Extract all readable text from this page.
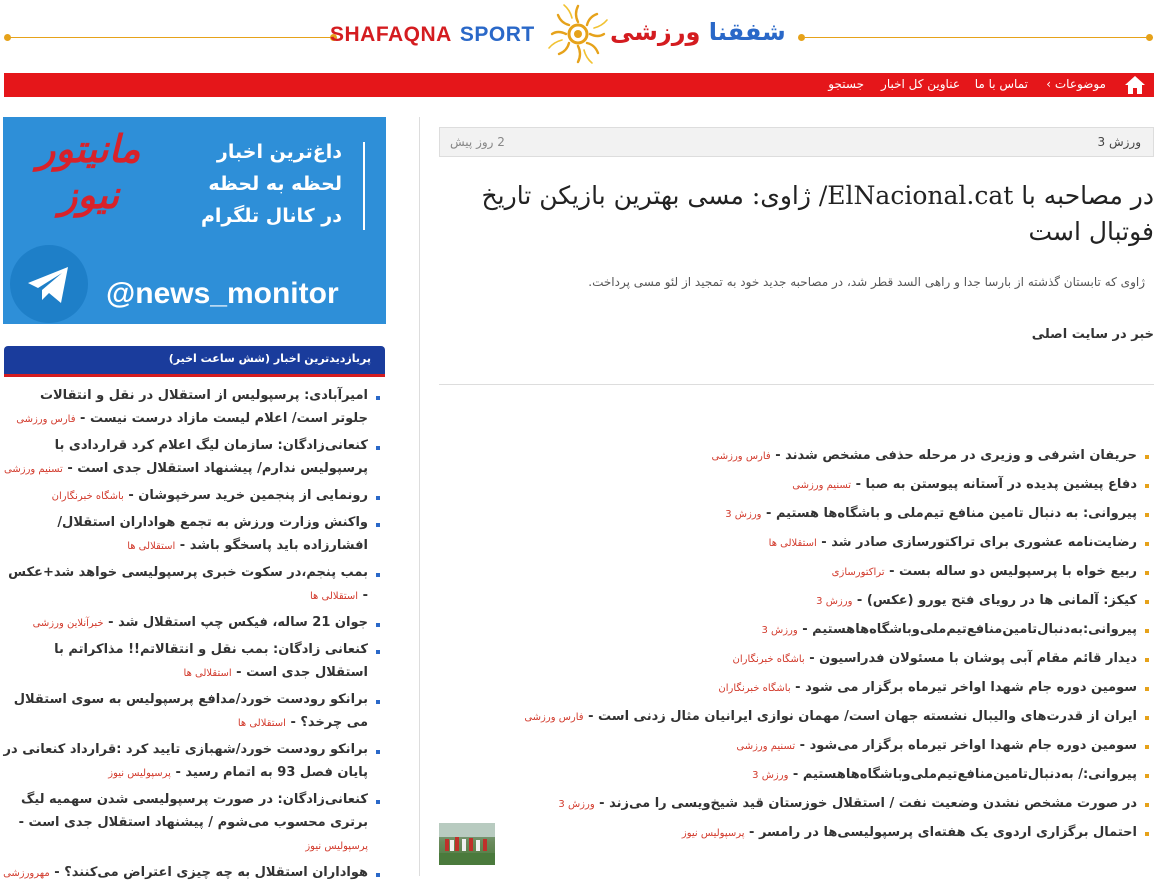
SHAFAQNA SPORT	شفقنا ورزشی
موضوعات ›
تماس با ما
عناوین کل اخبار
جستجو
داغ‌ترین اخبار
لحظه به لحظه
در کانال تلگرام
مانیتور
نیوز
@news_monitor
پربازدیدترین اخبار (شش ساعت اخیر)
امیرآبادی: پرسپولیس از استقلال در نقل و انتقالات جلوتر است/ اعلام لیست مازاد درست نیست - فارس ورزشی
کنعانی‌زادگان: سازمان لیگ اعلام کرد قراردادی با پرسپولیس ندارم/ پیشنهاد استقلال جدی است - تسنیم ورزشی
رونمایی از پنجمین خرید سرخپوشان - باشگاه خبرنگاران
واکنش وزارت ورزش به تجمع هواداران استقلال/ افشارزاده باید پاسخگو باشد - استقلالی ها
بمب پنجم،در سکوت خبری پرسپولیسی خواهد شد+عکس - استقلالی ها
جوان 21 ساله، فیکس چپ استقلال شد - خبرآنلاین ورزشی
کنعانی زادگان: بمب نقل و انتقالاتم!! مذاکراتم با استقلال جدی است - استقلالی ها
برانکو رودست خورد/مدافع پرسپولیس به سوی استقلال می چرخد؟ - استقلالی ها
برانکو رودست خورد/شهبازی تایید کرد :قرارداد کنعانی در پایان فصل 93 به اتمام رسید - پرسپولیس نیوز
کنعانی‌زادگان: در صورت پرسپولیسی شدن سهمیه لیگ برتری محسوب می‌شوم / پیشنهاد استقلال جدی است - پرسپولیس نیوز
هواداران استقلال به چه چیزی اعتراض می‌کنند؟ - مهرورزشی
ورزش 3
2 روز پیش
در مصاحبه با ElNacional.cat/ ژاوی: مسی بهترین بازیکن تاریخ فوتبال است
ژاوی که تابستان گذشته از بارسا جدا و راهی السد قطر شد، در مصاحبه جدید خود به تمجید از لئو مسی پرداخت.
خبر در سایت اصلی
حریفان اشرفی و وزیری در مرحله حذفی مشخص شدند - فارس ورزشی
دفاع پیشین پدیده در آستانه پیوستن به صبا - تسنیم ورزشی
پیروانی: به دنبال تامین منافع تیم‌ملی و باشگاه‌ها هستیم - ورزش 3
رضایت‌نامه عشوری برای تراکتورسازی صادر شد - استقلالی ها
ربیع خواه با پرسپولیس دو ساله بست - تراکتورسازی
کیکز: آلمانی ها در رویای فتح یورو (عکس) - ورزش 3
پیروانی:به‌دنبال‌تامین‌منافع‌تیم‌ملی‌وباشگاه‌هاهستیم - ورزش 3
دیدار قائم مقام آبی پوشان با مسئولان فدراسیون - باشگاه خبرنگاران
سومین دوره جام شهدا اواخر تیرماه برگزار می شود - باشگاه خبرنگاران
ایران از قدرت‌های والیبال نشسته جهان است/ مهمان نوازی ایرانیان مثال زدنی است - فارس ورزشی
سومین دوره جام شهدا اواخر تیرماه برگزار می‌شود - تسنیم ورزشی
پیروانی:/ به‌دنبال‌تامین‌منافع‌تیم‌ملی‌وباشگاه‌هاهستیم - ورزش 3
در صورت مشخص نشدن وضعیت نفت / استقلال خوزستان قید شیخ‌ویسی را می‌زند - ورزش 3
احتمال برگزاری اردوی یک هفته‌ای پرسپولیسی‌ها در رامسر - پرسپولیس نیوز
